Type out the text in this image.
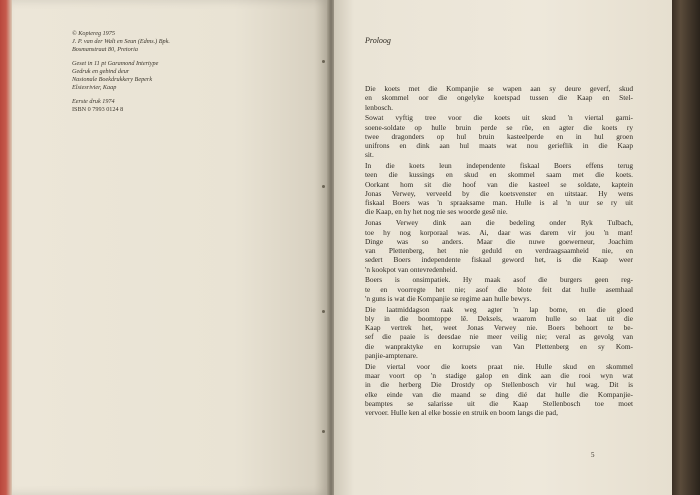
© Kopiereg 1975
J. P. van der Walt en Seun (Edms.) Bpk.
Bosmanstraat 80, Pretoria
Geset in 11 pt Garamond Intertype
Gedruk en gebind deur
Nasionale Boekdrukkery Beperk
Elsiesrivier, Kaap
Eerste druk 1974
ISBN 0 7993 0124 8
Proloog

Die koets met die Kompanjie se wapen aan sy deure geverf, skud
en skommel oor die ongelyke koetspad tussen die Kaap en Stel-
lenbosch.

Sowat vyftig tree voor die koets uit skud 'n viertal garni-
soene-soldate op hulle bruin perde se rûe, en agter die koets ry
twee dragonders op hul bruin kasteelperde en in hul groen
unifrons en dink aan hul maats wat nou gerieflik in die Kaap
sit.

In die koets leun independente fiskaal Boers effens terug
teen die kussings en skud en skommel saam met die koets.
Oorkant hom sit die hoof van die kasteel se soldate, kaptein
Jonas Verwey, verveeld by die koetsvenster en uitstaar. Hy wens
fiskaal Boers was 'n spraaksame man. Hulle is al 'n uur se ry uit
die Kaap, en hy het nog nie ses woorde gesê nie.

Jonas Verwey dink aan die bedeling onder Ryk Tulbach,
toe hy nog korporaal was. Ai, daar was darem vir jou 'n man!
Dinge was so anders. Maar die nuwe goewerneur, Joachim
van Plettenberg, het nie geduld en verdraagsaamheid nie, en
sedert Boers independente fiskaal geword het, is die Kaap weer
'n kookpot van ontevredenheid.

Boers is onsimpatiek. Hy maak asof die burgers geen reg-
te en voorregte het nie; asof die blote feit dat hulle asemhaal
'n guns is wat die Kompanjie se regime aan hulle bewys.

Die laatmiddagson raak weg agter 'n lap bome, en die gloed
bly in die boomtoppe lê. Deksels, waarom hulle so laat uit die
Kaap vertrek het, weet Jonas Verwey nie. Boers behoort te be-
sef die paaie is deesdae nie meer veilig nie; veral as gevolg van
die wanpraktyke en korrupsie van Van Plettenberg en sy Kom-
panjie-amptenare.

Die viertal voor die koets praat nie. Hulle skud en skommel
maar voort op 'n stadige galop en dink aan die rooi wyn wat
in die herberg Die Drostdy op Stellenbosch vir hul wag. Dit is
elke einde van die maand se ding dié dat hulle die Kompanjie-
beamptes se salarisse uit die Kaap Stellenbosch toe moet
vervoer. Hulle ken al elke bossie en struik en boom langs die pad,

5
